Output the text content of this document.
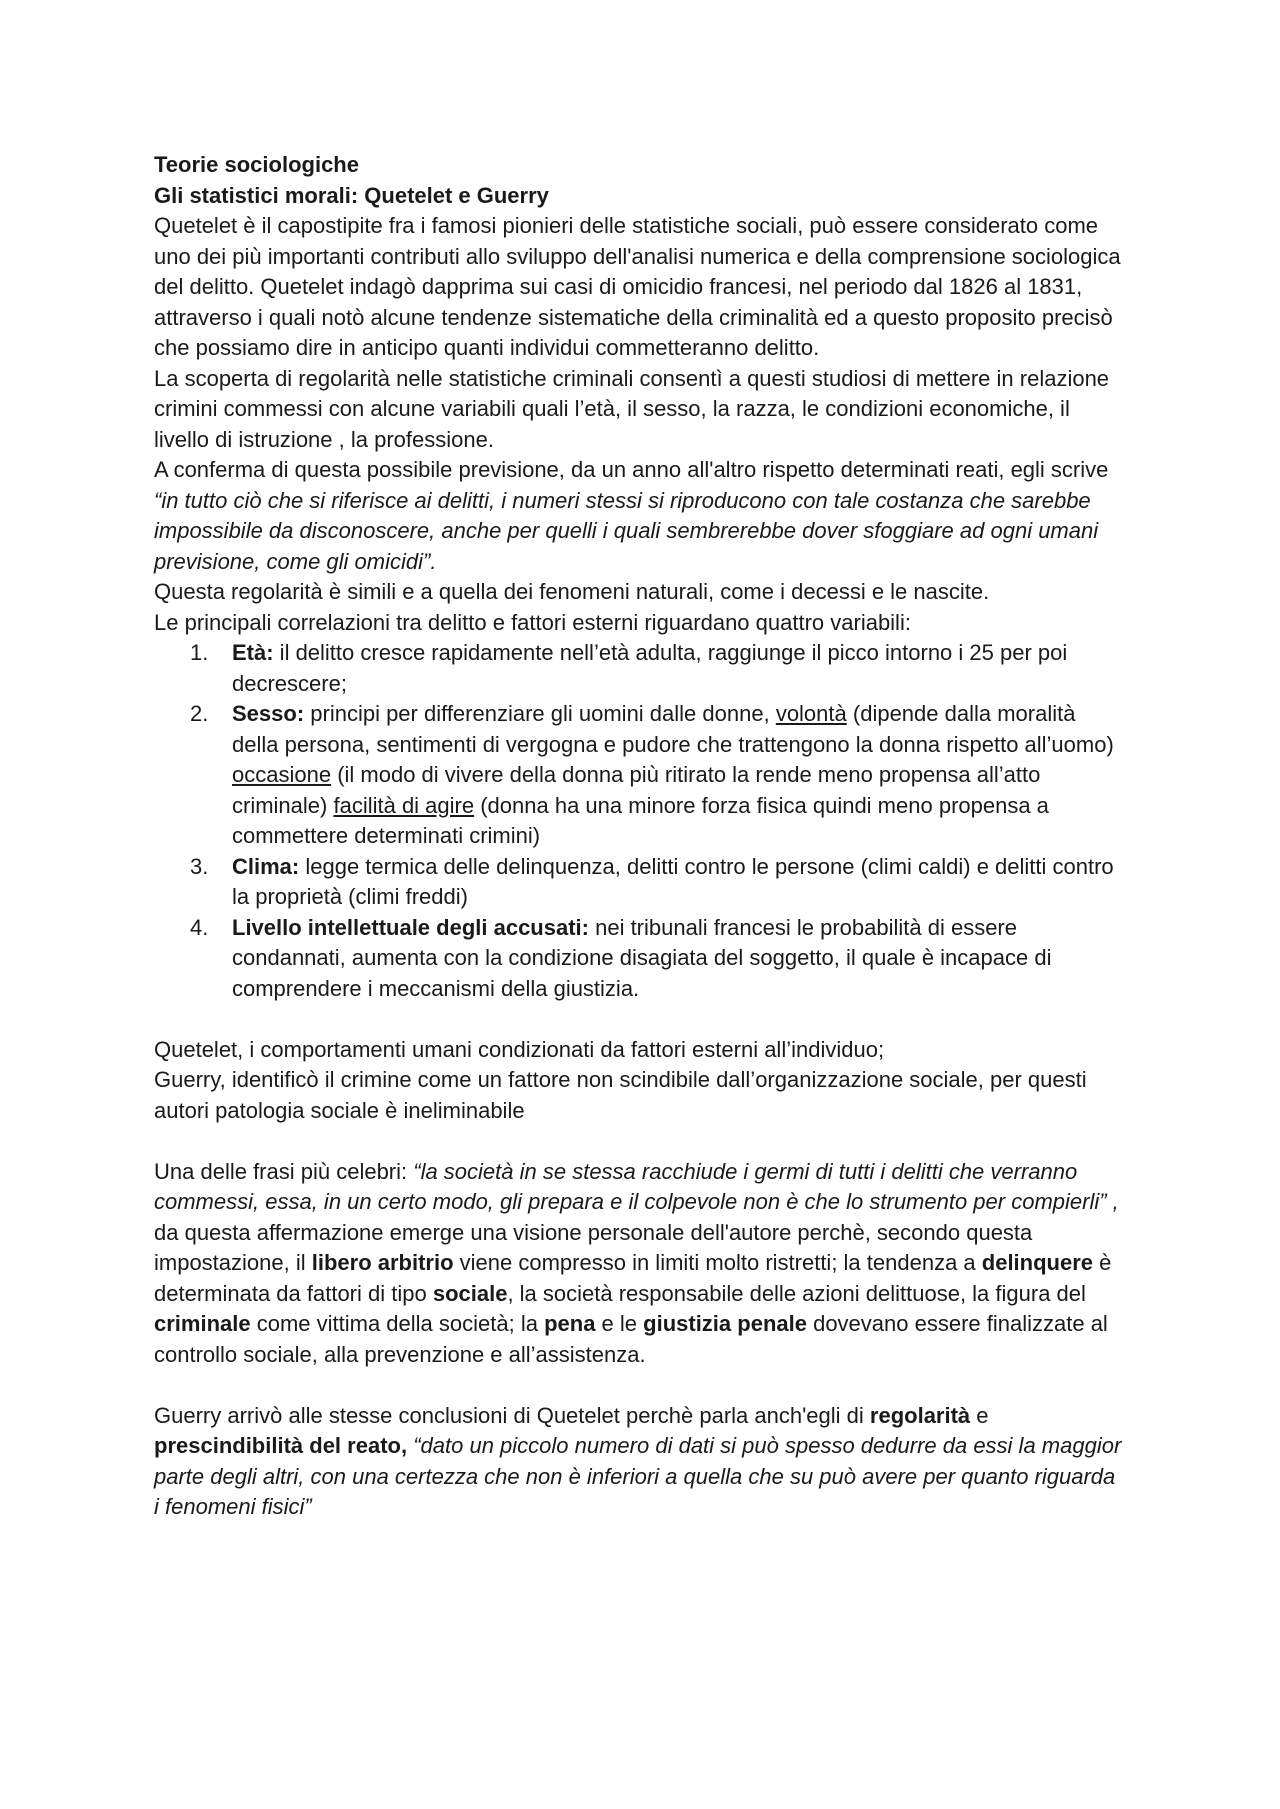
Teorie sociologiche

Gli statistici morali: Quetelet e Guerry

Quetelet è il capostipite fra i famosi pionieri delle statistiche sociali, può essere considerato come uno dei più importanti contributi allo sviluppo dell'analisi numerica e della comprensione sociologica del delitto. Quetelet indagò dapprima sui casi di omicidio francesi, nel periodo dal 1826 al 1831, attraverso i quali notò alcune tendenze sistematiche della criminalità ed a questo proposito precisò che possiamo dire in anticipo quanti individui commetteranno delitto.

La scoperta di regolarità nelle statistiche criminali consentì a questi studiosi di mettere in relazione crimini commessi con alcune variabili quali l’età, il sesso, la razza, le condizioni economiche, il livello di istruzione , la professione.

A conferma di questa possibile previsione, da un anno all'altro rispetto determinati reati, egli scrive “in tutto ciò che si riferisce ai delitti, i numeri stessi si riproducono con tale costanza che sarebbe impossibile da disconoscere, anche per quelli i quali sembrerebbe dover sfoggiare ad ogni umani previsione, come gli omicidi”.

Questa regolarità è simili e a quella dei fenomeni naturali, come i decessi e le nascite.

Le principali correlazioni tra delitto e fattori esterni riguardano quattro variabili:

1. Età: il delitto cresce rapidamente nell’età adulta, raggiunge il picco intorno i 25 per poi decrescere;
2. Sesso: principi per differenziare gli uomini dalle donne, volontà (dipende dalla moralità della persona, sentimenti di vergogna e pudore che trattengono la donna rispetto all’uomo) occasione (il modo di vivere della donna più ritirato la rende meno propensa all’atto criminale) facilità di agire (donna ha una minore forza fisica quindi meno propensa a commettere determinati crimini)
3. Clima: legge termica delle delinquenza, delitti contro le persone (climi caldi) e delitti contro la proprietà (climi freddi)
4. Livello intellettuale degli accusati: nei tribunali francesi le probabilità di essere condannati, aumenta con la condizione disagiata del soggetto, il quale è incapace di comprendere i meccanismi della giustizia.

Quetelet, i comportamenti umani condizionati da fattori esterni all’individuo;

Guerry, identificò il crimine come un fattore non scindibile dall’organizzazione sociale, per questi autori patologia sociale è ineliminabile

Una delle frasi più celebri: “la società in se stessa racchiude i germi di tutti i delitti che verranno commessi, essa, in un certo modo, gli prepara e il colpevole non è che lo strumento per compierli” , da questa affermazione emerge una visione personale dell'autore perchè, secondo questa impostazione, il libero arbitrio viene compresso in limiti molto ristretti; la tendenza a delinquere è determinata da fattori di tipo sociale, la società responsabile delle azioni delittuose, la figura del criminale come vittima della società; la pena e le giustizia penale dovevano essere finalizzate al controllo sociale, alla prevenzione e all’assistenza.

Guerry arrivò alle stesse conclusioni di Quetelet perchè parla anch'egli di regolarità e prescindibilità del reato, “dato un piccolo numero di dati si può spesso dedurre da essi la maggior parte degli altri, con una certezza che non è inferiori a quella che su può avere per quanto riguarda i fenomeni fisici”
